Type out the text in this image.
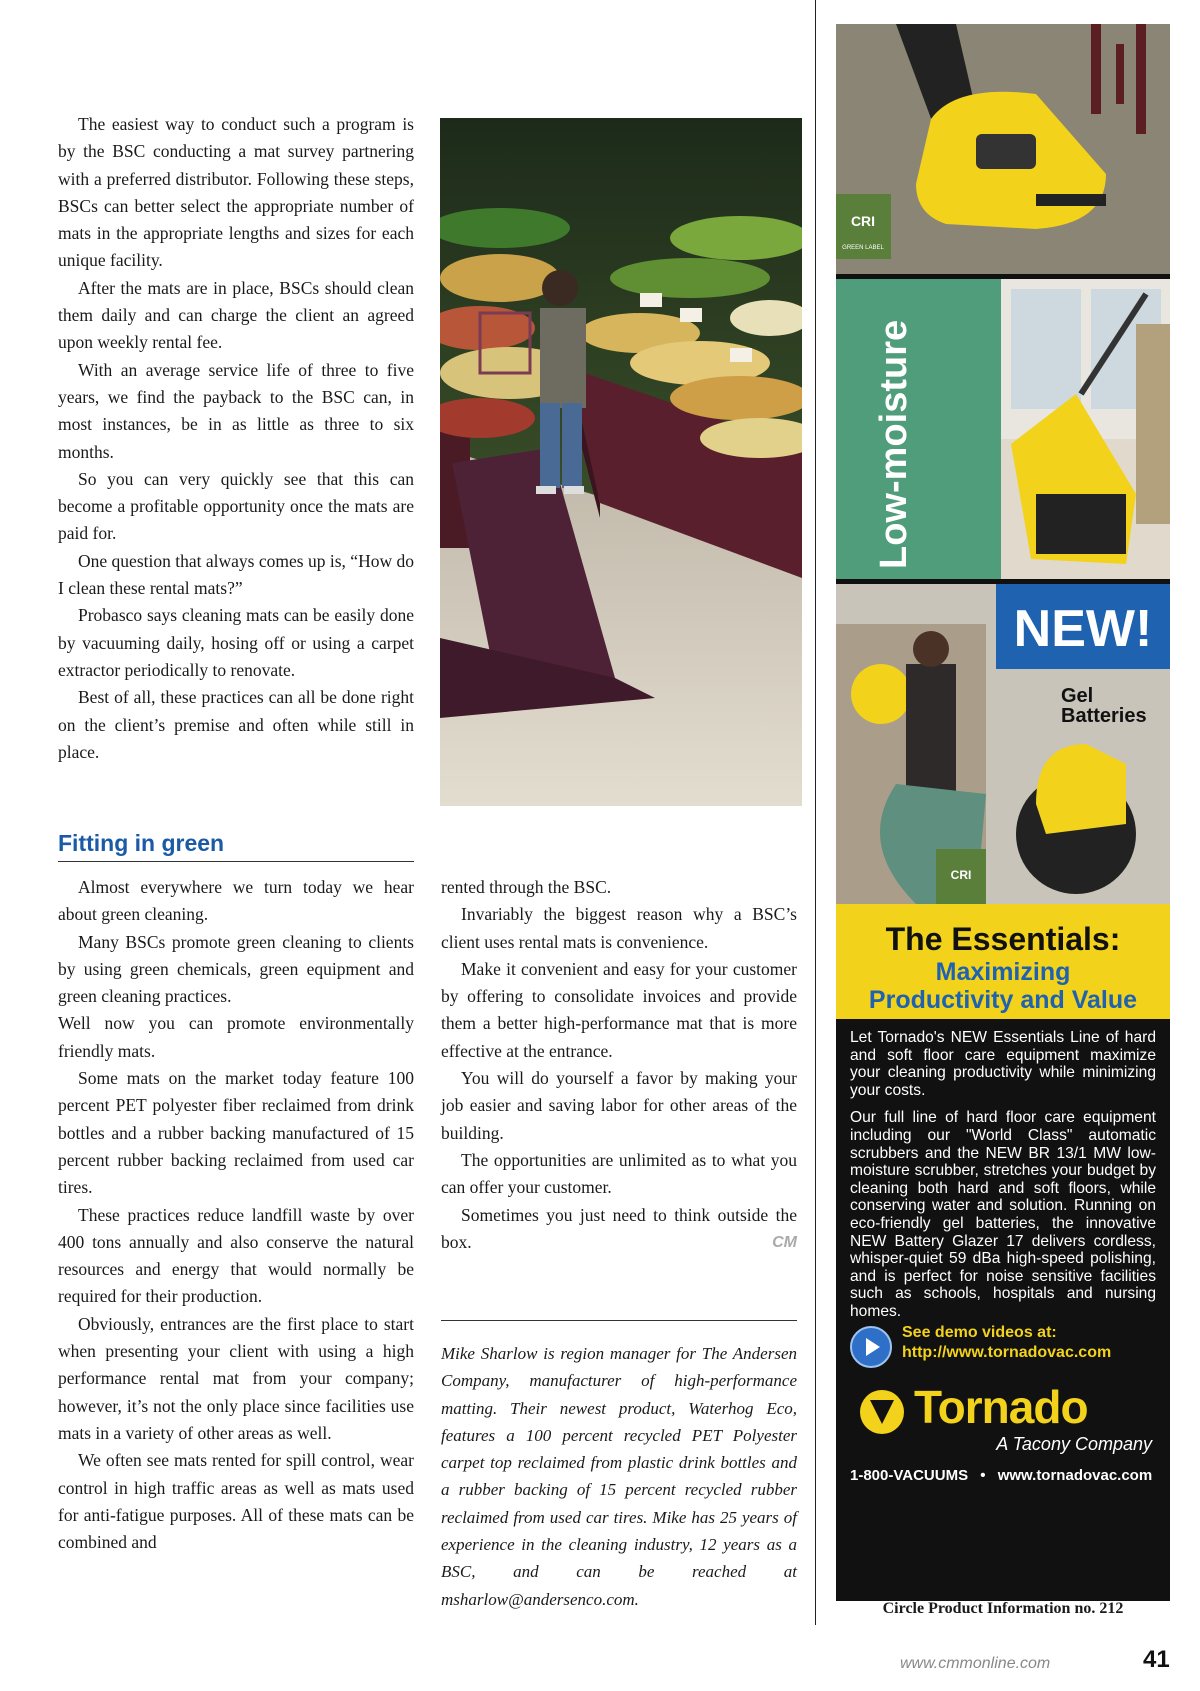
The easiest way to conduct such a program is by the BSC conducting a mat survey partnering with a preferred distributor. Following these steps, BSCs can better select the appropriate number of mats in the appropriate lengths and sizes for each unique facility.

After the mats are in place, BSCs should clean them daily and can charge the client an agreed upon weekly rental fee.

With an average service life of three to five years, we find the payback to the BSC can, in most instances, be in as little as three to six months.

So you can very quickly see that this can become a profitable opportunity once the mats are paid for.

One question that always comes up is, “How do I clean these rental mats?”

Probasco says cleaning mats can be easily done by vacuuming daily, hosing off or using a carpet extractor periodically to renovate.

Best of all, these practices can all be done right on the client’s premise and often while still in place.

Fitting in green

Almost everywhere we turn today we hear about green cleaning.

Many BSCs promote green cleaning to clients by using green chemicals, green equipment and green cleaning practices.

Well now you can promote environmentally friendly mats.

Some mats on the market today feature 100 percent PET polyester fiber reclaimed from drink bottles and a rubber backing manufactured of 15 percent rubber backing reclaimed from used car tires.

These practices reduce landfill waste by over 400 tons annually and also conserve the natural resources and energy that would normally be required for their production.

Obviously, entrances are the first place to start when presenting your client with using a high performance rental mat from your company; however, it’s not the only place since facilities use mats in a variety of other areas as well.

We often see mats rented for spill control, wear control in high traffic areas as well as mats used for anti-fatigue purposes. All of these mats can be combined and

rented through the BSC.

Invariably the biggest reason why a BSC’s client uses rental mats is convenience.

Make it convenient and easy for your customer by offering to consolidate invoices and provide them a better high-performance mat that is more effective at the entrance.

You will do yourself a favor by making your job easier and saving labor for other areas of the building.

The opportunities are unlimited as to what you can offer your customer.

Sometimes you just need to think outside the box.	CM

Mike Sharlow is region manager for The Andersen Company, manufacturer of high-performance matting. Their newest product, Waterhog Eco, features a 100 percent recycled PET Polyester carpet top reclaimed from plastic drink bottles and a rubber backing of 15 percent recycled rubber reclaimed from used car tires. Mike has 25 years of experience in the cleaning industry, 12 years as a BSC, and can be reached at msharlow@andersenco.com.
CRI
GREEN LABEL
Low-moisture
NEW!
Gel Batteries
CRI
The Essentials:
Maximizing
Productivity and Value
Let Tornado's NEW Essentials Line of hard and soft floor care equipment maximize your cleaning productivity while minimizing your costs.
Our full line of hard floor care equipment including our "World Class" automatic scrubbers and the NEW BR 13/1 MW low-moisture scrubber, stretches your budget by cleaning both hard and soft floors, while conserving water and solution. Running on eco-friendly gel batteries, the innovative NEW Battery Glazer 17 delivers cordless, whisper-quiet 59 dBa high-speed polishing, and is perfect for noise sensitive facilities such as schools, hospitals and nursing homes.
See demo videos at:
http://www.tornadovac.com
Tornado
A Tacony Company
1-800-VACUUMS • www.tornadovac.com
Circle Product Information no. 212
www.cmmonline.com	41
